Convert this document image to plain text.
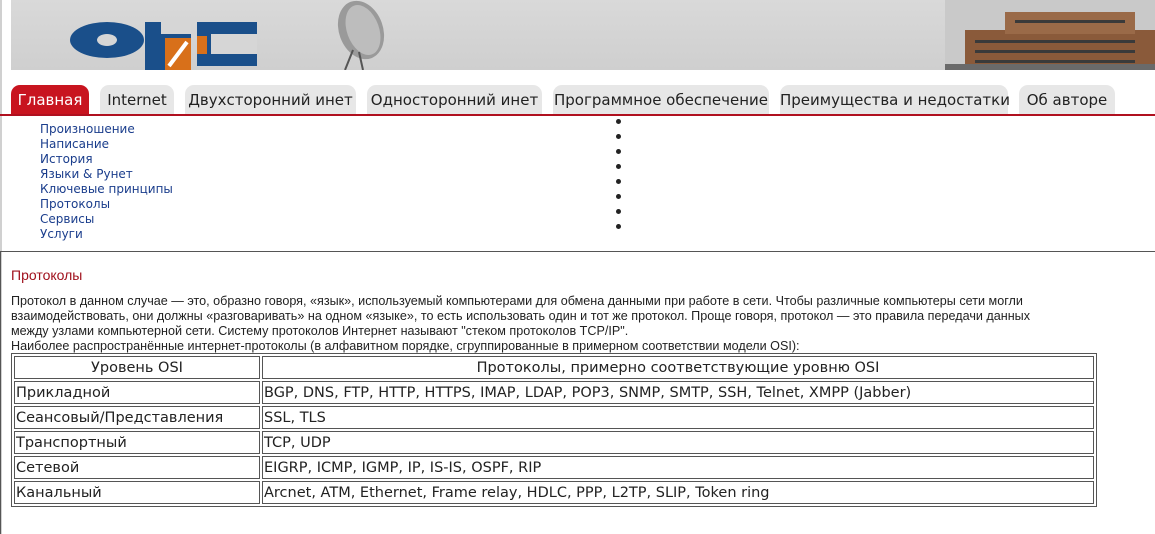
Главная	Internet	Двухсторонний инет Односторонний инет Программное обеспечение Преимущества и недостатки	Об авторе
Произношение
Написание
История
Языки & Рунет
Ключевые принципы
Протоколы
Сервисы
Услуги
Протоколы

Протокол в данном случае — это, образно говоря, «язык», используемый компьютерами для обмена данными при работе в сети. Чтобы различные компьютеры сети могли
взаимодействовать, они должны «разговаривать» на одном «языке», то есть использовать один и тот же протокол. Проще говоря, протокол — это правила передачи данных
между узлами компьютерной сети. Систему протоколов Интернет называют "стеком протоколов TCP/IP".
Наиболее распространённые интернет-протоколы (в алфавитном порядке, сгруппированные в примерном соответствии модели OSI):

Уровень OSI	Протоколы, примерно соответствующие уровню OSI
Прикладной	BGP, DNS, FTP, HTTP, HTTPS, IMAP, LDAP, POP3, SNMP, SMTP, SSH, Telnet, XMPP (Jabber)
Сеансовый/Представления	SSL, TLS
Транспортный	TCP, UDP
Сетевой	EIGRP, ICMP, IGMP, IP, IS-IS, OSPF, RIP
Канальный	Arcnet, ATM, Ethernet, Frame relay, HDLC, PPP, L2TP, SLIP, Token ring
